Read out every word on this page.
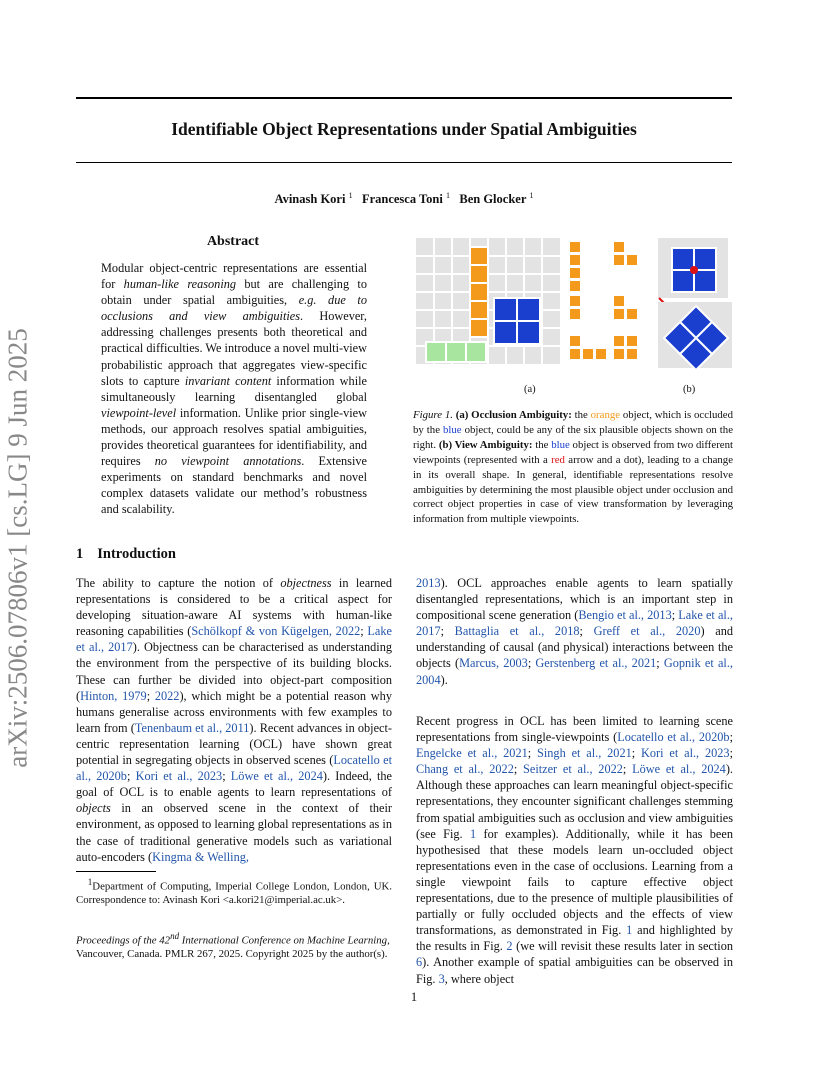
Identifiable Object Representations under Spatial Ambiguities
Avinash Kori $^1$ Francesca Toni $^1$ Ben Glocker $^1$
arXiv:2506.07806v1 [cs.LG] 9 Jun 2025
Abstract
Modular object-centric representations are essential for human-like reasoning but are challenging to obtain under spatial ambiguities, e.g. due to occlusions and view ambiguities. However, addressing challenges presents both theoretical and practical difficulties. We introduce a novel multi-view probabilistic approach that aggregates view-specific slots to capture invariant content information while simultaneously learning disentangled global viewpoint-level information. Unlike prior single-view methods, our approach resolves spatial ambiguities, provides theoretical guarantees for identifiability, and requires no viewpoint annotations. Extensive experiments on standard benchmarks and novel complex datasets validate our method’s robustness and scalability.
1 Introduction
The ability to capture the notion of objectness in learned representations is considered to be a critical aspect for developing situation-aware AI systems with human-like reasoning capabilities (Schölkopf & von Kügelgen, 2022; Lake et al., 2017). Objectness can be characterised as understanding the environment from the perspective of its building blocks. These can further be divided into object-part composition (Hinton, 1979; 2022), which might be a potential reason why humans generalise across environments with few examples to learn from (Tenenbaum et al., 2011). Recent advances in object-centric representation learning (OCL) have shown great potential in segregating objects in observed scenes (Locatello et al., 2020b; Kori et al., 2023; Löwe et al., 2024). Indeed, the goal of OCL is to enable agents to learn representations of objects in an observed scene in the context of their environment, as opposed to learning global representations as in the case of traditional generative models such as variational auto-encoders (Kingma & Welling,
$^1$Department of Computing, Imperial College London, London, UK. Correspondence to: Avinash Kori <a.kori21@imperial.ac.uk>.
Proceedings of the 42nd International Conference on Machine Learning, Vancouver, Canada. PMLR 267, 2025. Copyright 2025 by the author(s).
2013). OCL approaches enable agents to learn spatially disentangled representations, which is an important step in compositional scene generation (Bengio et al., 2013; Lake et al., 2017; Battaglia et al., 2018; Greff et al., 2020) and understanding of causal (and physical) interactions between the objects (Marcus, 2003; Gerstenberg et al., 2021; Gopnik et al., 2004).
Recent progress in OCL has been limited to learning scene representations from single-viewpoints (Locatello et al., 2020b; Engelcke et al., 2021; Singh et al., 2021; Kori et al., 2023; Chang et al., 2022; Seitzer et al., 2022; Löwe et al., 2024). Although these approaches can learn meaningful object-specific representations, they encounter significant challenges stemming from spatial ambiguities such as occlusion and view ambiguities (see Fig. 1 for examples). Additionally, while it has been hypothesised that these models learn un-occluded object representations even in the case of occlusions. Learning from a single viewpoint fails to capture effective object representations, due to the presence of multiple plausibilities of partially or fully occluded objects and the effects of view transformations, as demonstrated in Fig. 1 and highlighted by the results in Fig. 2 (we will revisit these results later in section 6). Another example of spatial ambiguities can be observed in Fig. 3, where object
(a)	(b)
Figure 1. (a) Occlusion Ambiguity: the orange object, which is occluded by the blue object, could be any of the six plausible objects shown on the right. (b) View Ambiguity: the blue object is observed from two different viewpoints (represented with a red arrow and a dot), leading to a change in its overall shape. In general, identifiable representations resolve ambiguities by determining the most plausible object under occlusion and correct object properties in case of view transformation by leveraging information from multiple viewpoints.
1
